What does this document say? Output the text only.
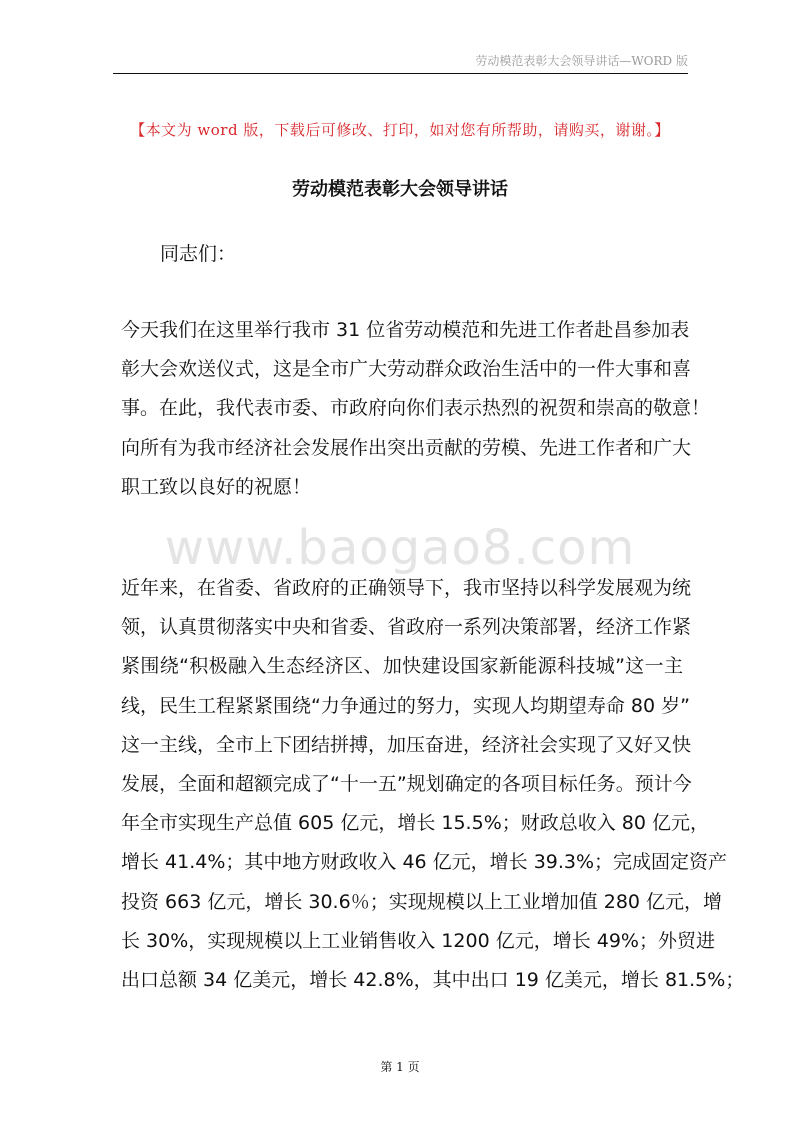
劳动模范表彰大会领导讲话—WORD 版
【本文为 word 版，下载后可修改、打印，如对您有所帮助，请购买，谢谢。】
劳动模范表彰大会领导讲话
同志们：

今天我们在这里举行我市 31 位省劳动模范和先进工作者赴昌参加表
彰大会欢送仪式，这是全市广大劳动群众政治生活中的一件大事和喜
事。在此，我代表市委、市政府向你们表示热烈的祝贺和崇高的敬意！
向所有为我市经济社会发展作出突出贡献的劳模、先进工作者和广大
职工致以良好的祝愿！

www.baogao8.com

近年来，在省委、省政府的正确领导下，我市坚持以科学发展观为统
领，认真贯彻落实中央和省委、省政府一系列决策部署，经济工作紧
紧围绕“积极融入生态经济区、加快建设国家新能源科技城”这一主
线，民生工程紧紧围绕“力争通过的努力，实现人均期望寿命 80 岁”
这一主线，全市上下团结拼搏，加压奋进，经济社会实现了又好又快
发展，全面和超额完成了“十一五”规划确定的各项目标任务。预计今
年全市实现生产总值 605 亿元，增长 15.5%；财政总收入 80 亿元，
增长 41.4%；其中地方财政收入 46 亿元，增长 39.3%；完成固定资产
投资 663 亿元，增长 30.6％；实现规模以上工业增加值 280 亿元，增
长 30%，实现规模以上工业销售收入 1200 亿元，增长 49%；外贸进
出口总额 34 亿美元，增长 42.8%，其中出口 19 亿美元，增长 81.5%；

第 1 页
